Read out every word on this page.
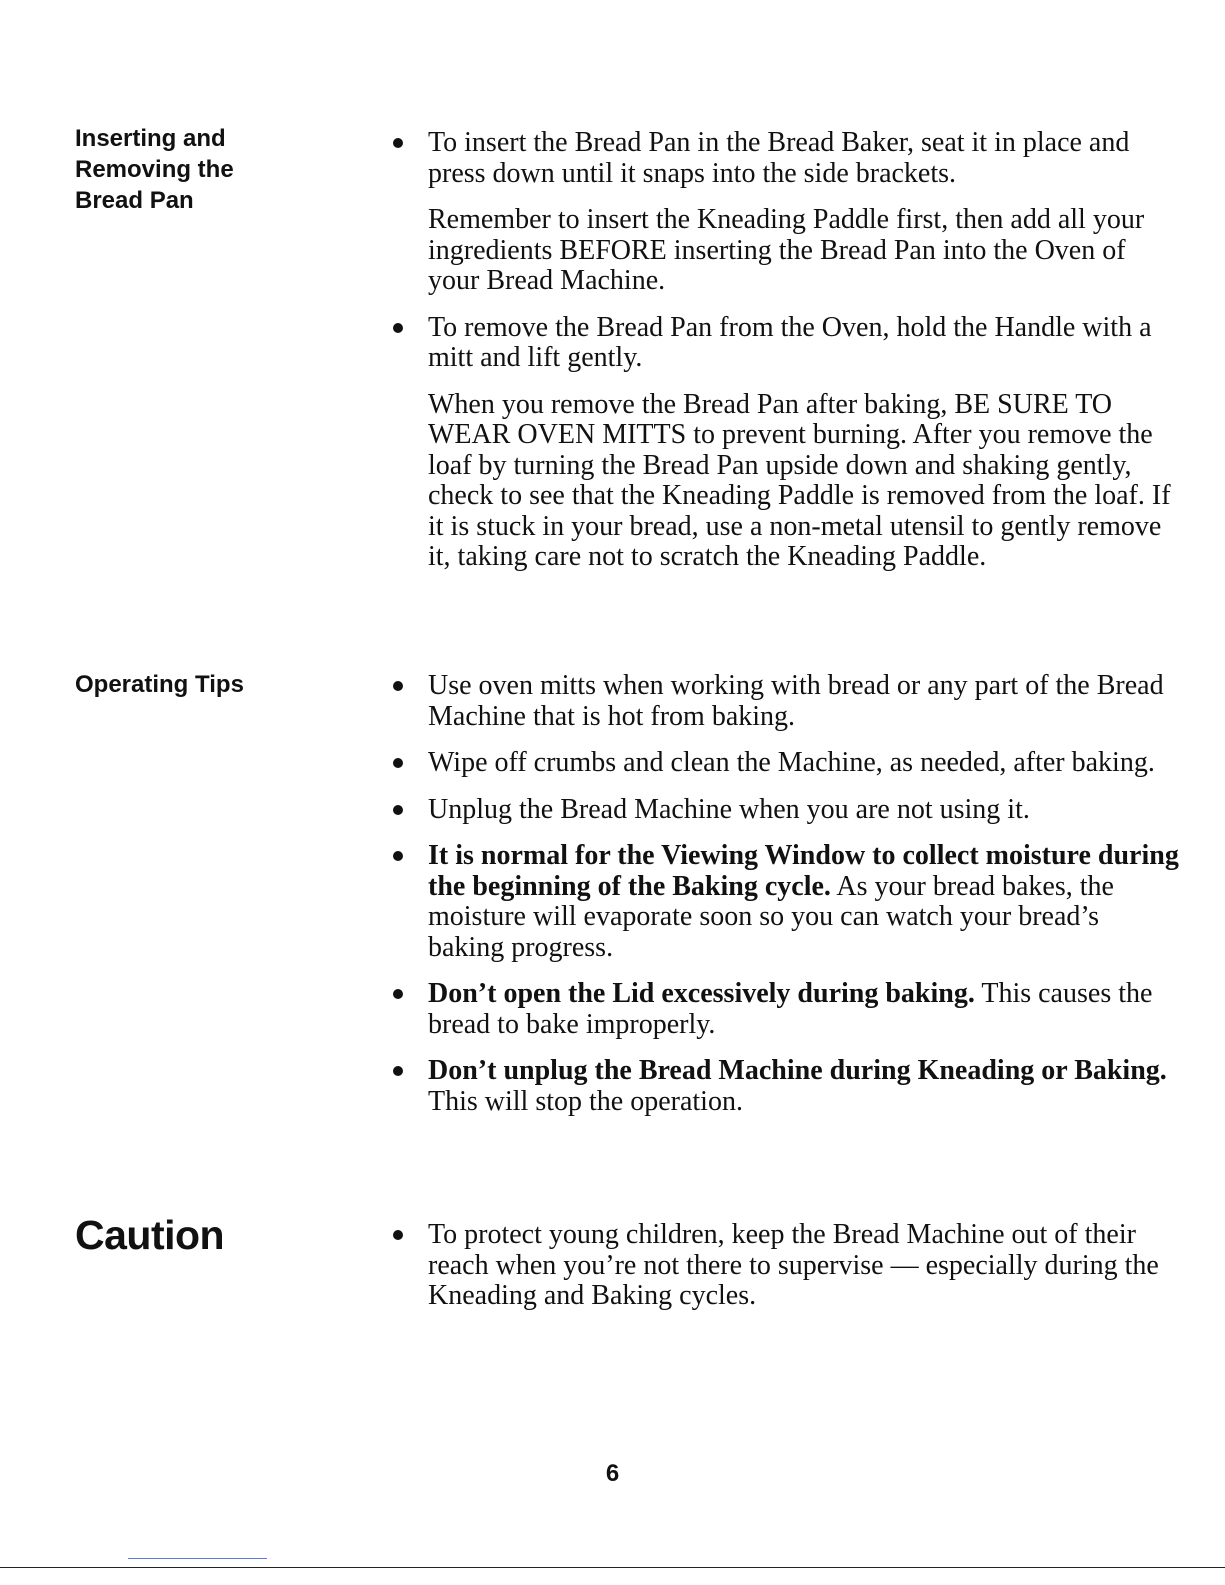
Inserting and
Removing the
Bread Pan

To insert the Bread Pan in the Bread Baker, seat it in place and press down until it snaps into the side brackets.

Remember to insert the Kneading Paddle first, then add all your ingredients BEFORE inserting the Bread Pan into the Oven of your Bread Machine.

To remove the Bread Pan from the Oven, hold the Handle with a mitt and lift gently.

When you remove the Bread Pan after baking, BE SURE TO WEAR OVEN MITTS to prevent burning. After you remove the loaf by turning the Bread Pan upside down and shaking gently, check to see that the Kneading Paddle is removed from the loaf. If it is stuck in your bread, use a non-metal utensil to gently remove it, taking care not to scratch the Kneading Paddle.

Operating Tips	Use oven mitts when working with bread or any part of the Bread Machine that is hot from baking.

Wipe off crumbs and clean the Machine, as needed, after baking.

Unplug the Bread Machine when you are not using it.

It is normal for the Viewing Window to collect moisture during the beginning of the Baking cycle. As your bread bakes, the moisture will evaporate soon so you can watch your bread’s baking progress.

Don’t open the Lid excessively during baking. This causes the bread to bake improperly.

Don’t unplug the Bread Machine during Kneading or Baking. This will stop the operation.

Caution	To protect young children, keep the Bread Machine out of their reach when you’re not there to supervise — especially during the Kneading and Baking cycles.

6
